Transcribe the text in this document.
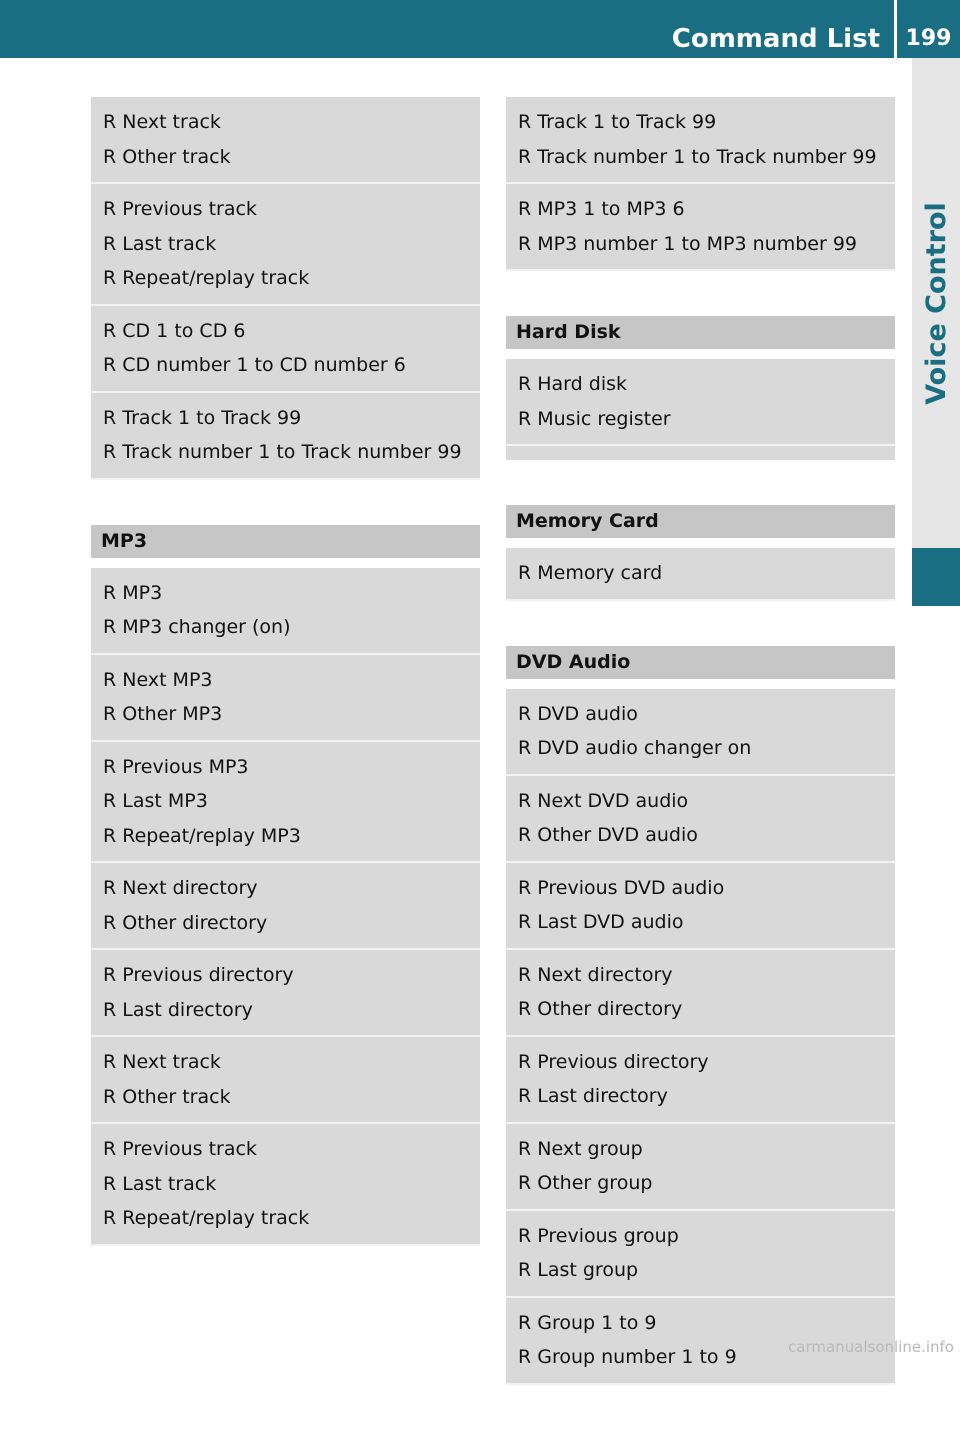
Command List	199
Voice Control
R Next track
R Other track
R Previous track
R Last track
R Repeat/replay track
R CD 1 to CD 6
R CD number 1 to CD number 6
R Track 1 to Track 99
R Track number 1 to Track number 99
MP3
R MP3
R MP3 changer (on)
R Next MP3
R Other MP3
R Previous MP3
R Last MP3
R Repeat/replay MP3
R Next directory
R Other directory
R Previous directory
R Last directory
R Next track
R Other track
R Previous track
R Last track
R Repeat/replay track
R Track 1 to Track 99
R Track number 1 to Track number 99
R MP3 1 to MP3 6
R MP3 number 1 to MP3 number 99
Hard Disk
R Hard disk
R Music register
Memory Card
R Memory card
DVD Audio
R DVD audio
R DVD audio changer on
R Next DVD audio
R Other DVD audio
R Previous DVD audio
R Last DVD audio
R Next directory
R Other directory
R Previous directory
R Last directory
R Next group
R Other group
R Previous group
R Last group
R Group 1 to 9
R Group number 1 to 9	carmanualsonline.info
